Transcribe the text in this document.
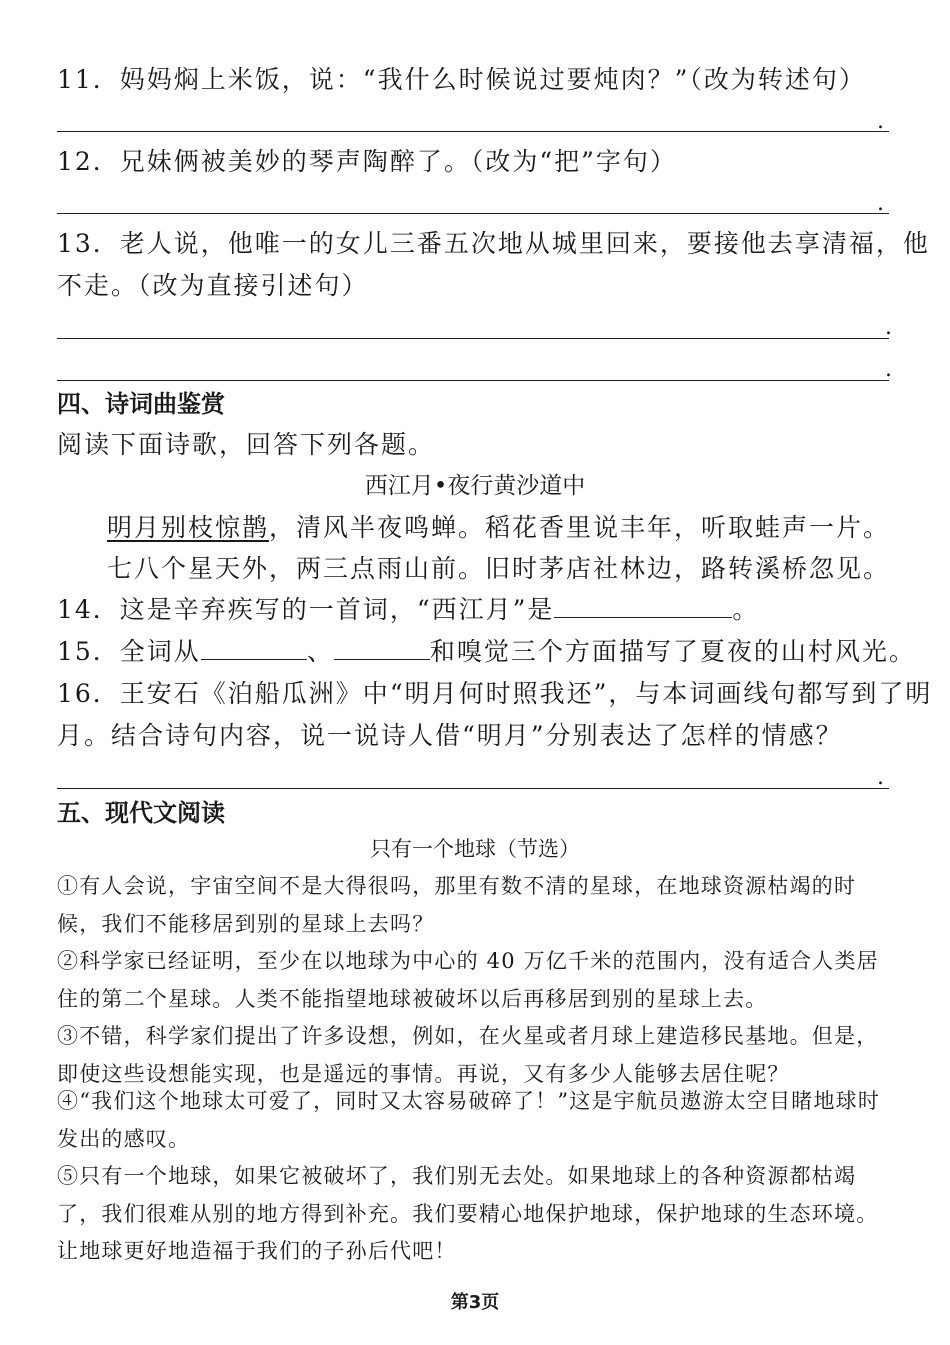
11．妈妈焖上米饭，说：“我什么时候说过要炖肉？”（改为转述句）
.
12．兄妹俩被美妙的琴声陶醉了。（改为“把”字句）
.
13．老人说，他唯一的女儿三番五次地从城里回来，要接他去享清福，他
不走。（改为直接引述句）
.
.
四、诗词曲鉴赏
阅读下面诗歌，回答下列各题。
西江月•夜行黄沙道中
明月别枝惊鹊，清风半夜鸣蝉。稻花香里说丰年，听取蛙声一片。
七八个星天外，两三点雨山前。旧时茅店社林边，路转溪桥忽见。
14．这是辛弃疾写的一首词，“西江月”是	。
15．全词从	、	和嗅觉三个方面描写了夏夜的山村风光。
16．王安石《泊船瓜洲》中“明月何时照我还”，与本词画线句都写到了明
月。结合诗句内容，说一说诗人借“明月”分别表达了怎样的情感？
.
五、现代文阅读
只有一个地球（节选）
①有人会说，宇宙空间不是大得很吗，那里有数不清的星球，在地球资源枯竭的时候，我们不能移居到别的星球上去吗？
②科学家已经证明，至少在以地球为中心的 40 万亿千米的范围内，没有适合人类居住的第二个星球。人类不能指望地球被破坏以后再移居到别的星球上去。
③不错，科学家们提出了许多设想，例如，在火星或者月球上建造移民基地。但是，即使这些设想能实现，也是遥远的事情。再说，又有多少人能够去居住呢？
④“我们这个地球太可爱了，同时又太容易破碎了！”这是宇航员遨游太空目睹地球时发出的感叹。
⑤只有一个地球，如果它被破坏了，我们别无去处。如果地球上的各种资源都枯竭了，我们很难从别的地方得到补充。我们要精心地保护地球，保护地球的生态环境。让地球更好地造福于我们的子孙后代吧！
第3页
